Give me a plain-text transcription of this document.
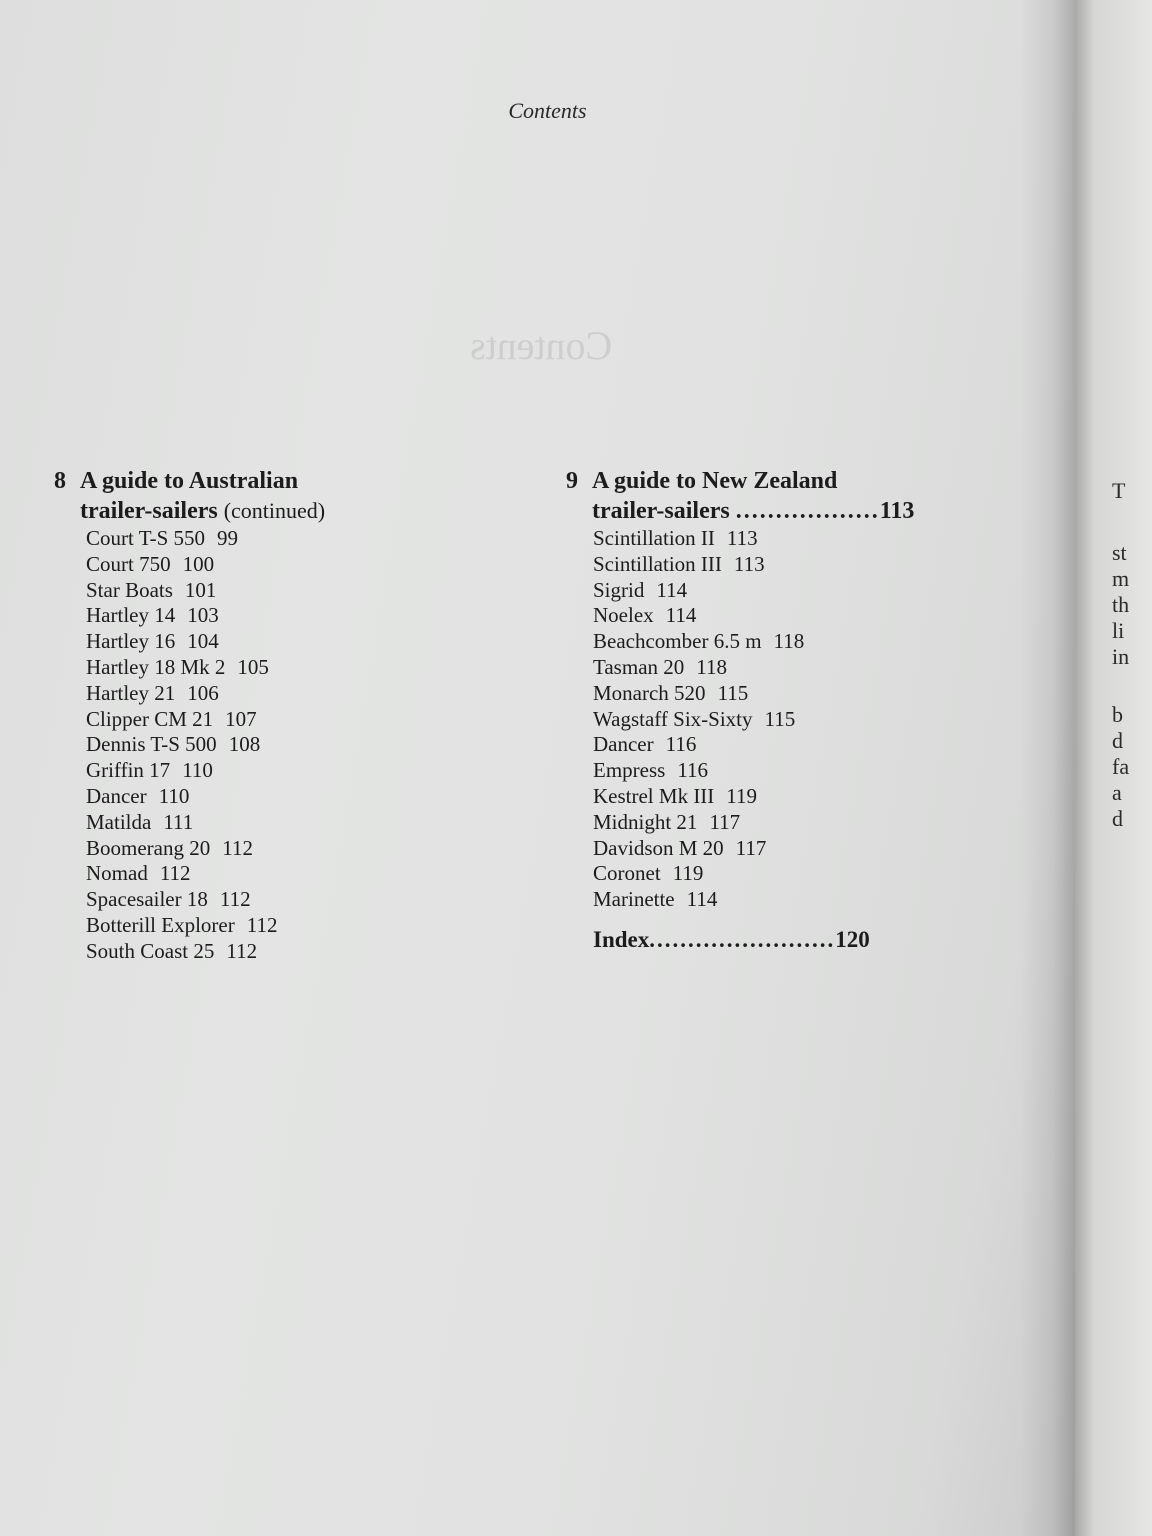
Contents
Contents
8 A guide to Australian
trailer-sailers (continued)
Court T-S 550 99
Court 750 100
Star Boats 101
Hartley 14 103
Hartley 16 104
Hartley 18 Mk 2 105
Hartley 21 106
Clipper CM 21 107
Dennis T-S 500 108
Griffin 17 110
Dancer 110
Matilda 111
Boomerang 20 112
Nomad 112
Spacesailer 18 112
Botterill Explorer 112
South Coast 25 112
9 A guide to New Zealand
trailer-sailers ..................113
Scintillation II 113
Scintillation III 113
Sigrid 114
Noelex 114
Beachcomber 6.5 m 118
Tasman 20 118
Monarch 520 115
Wagstaff Six-Sixty 115
Dancer 116
Empress 116
Kestrel Mk III 119
Midnight 21 117
Davidson M 20 117
Coronet 119
Marinette 114
Index........................120
T
st
m
th
li
in
b
d
fa
a
d
